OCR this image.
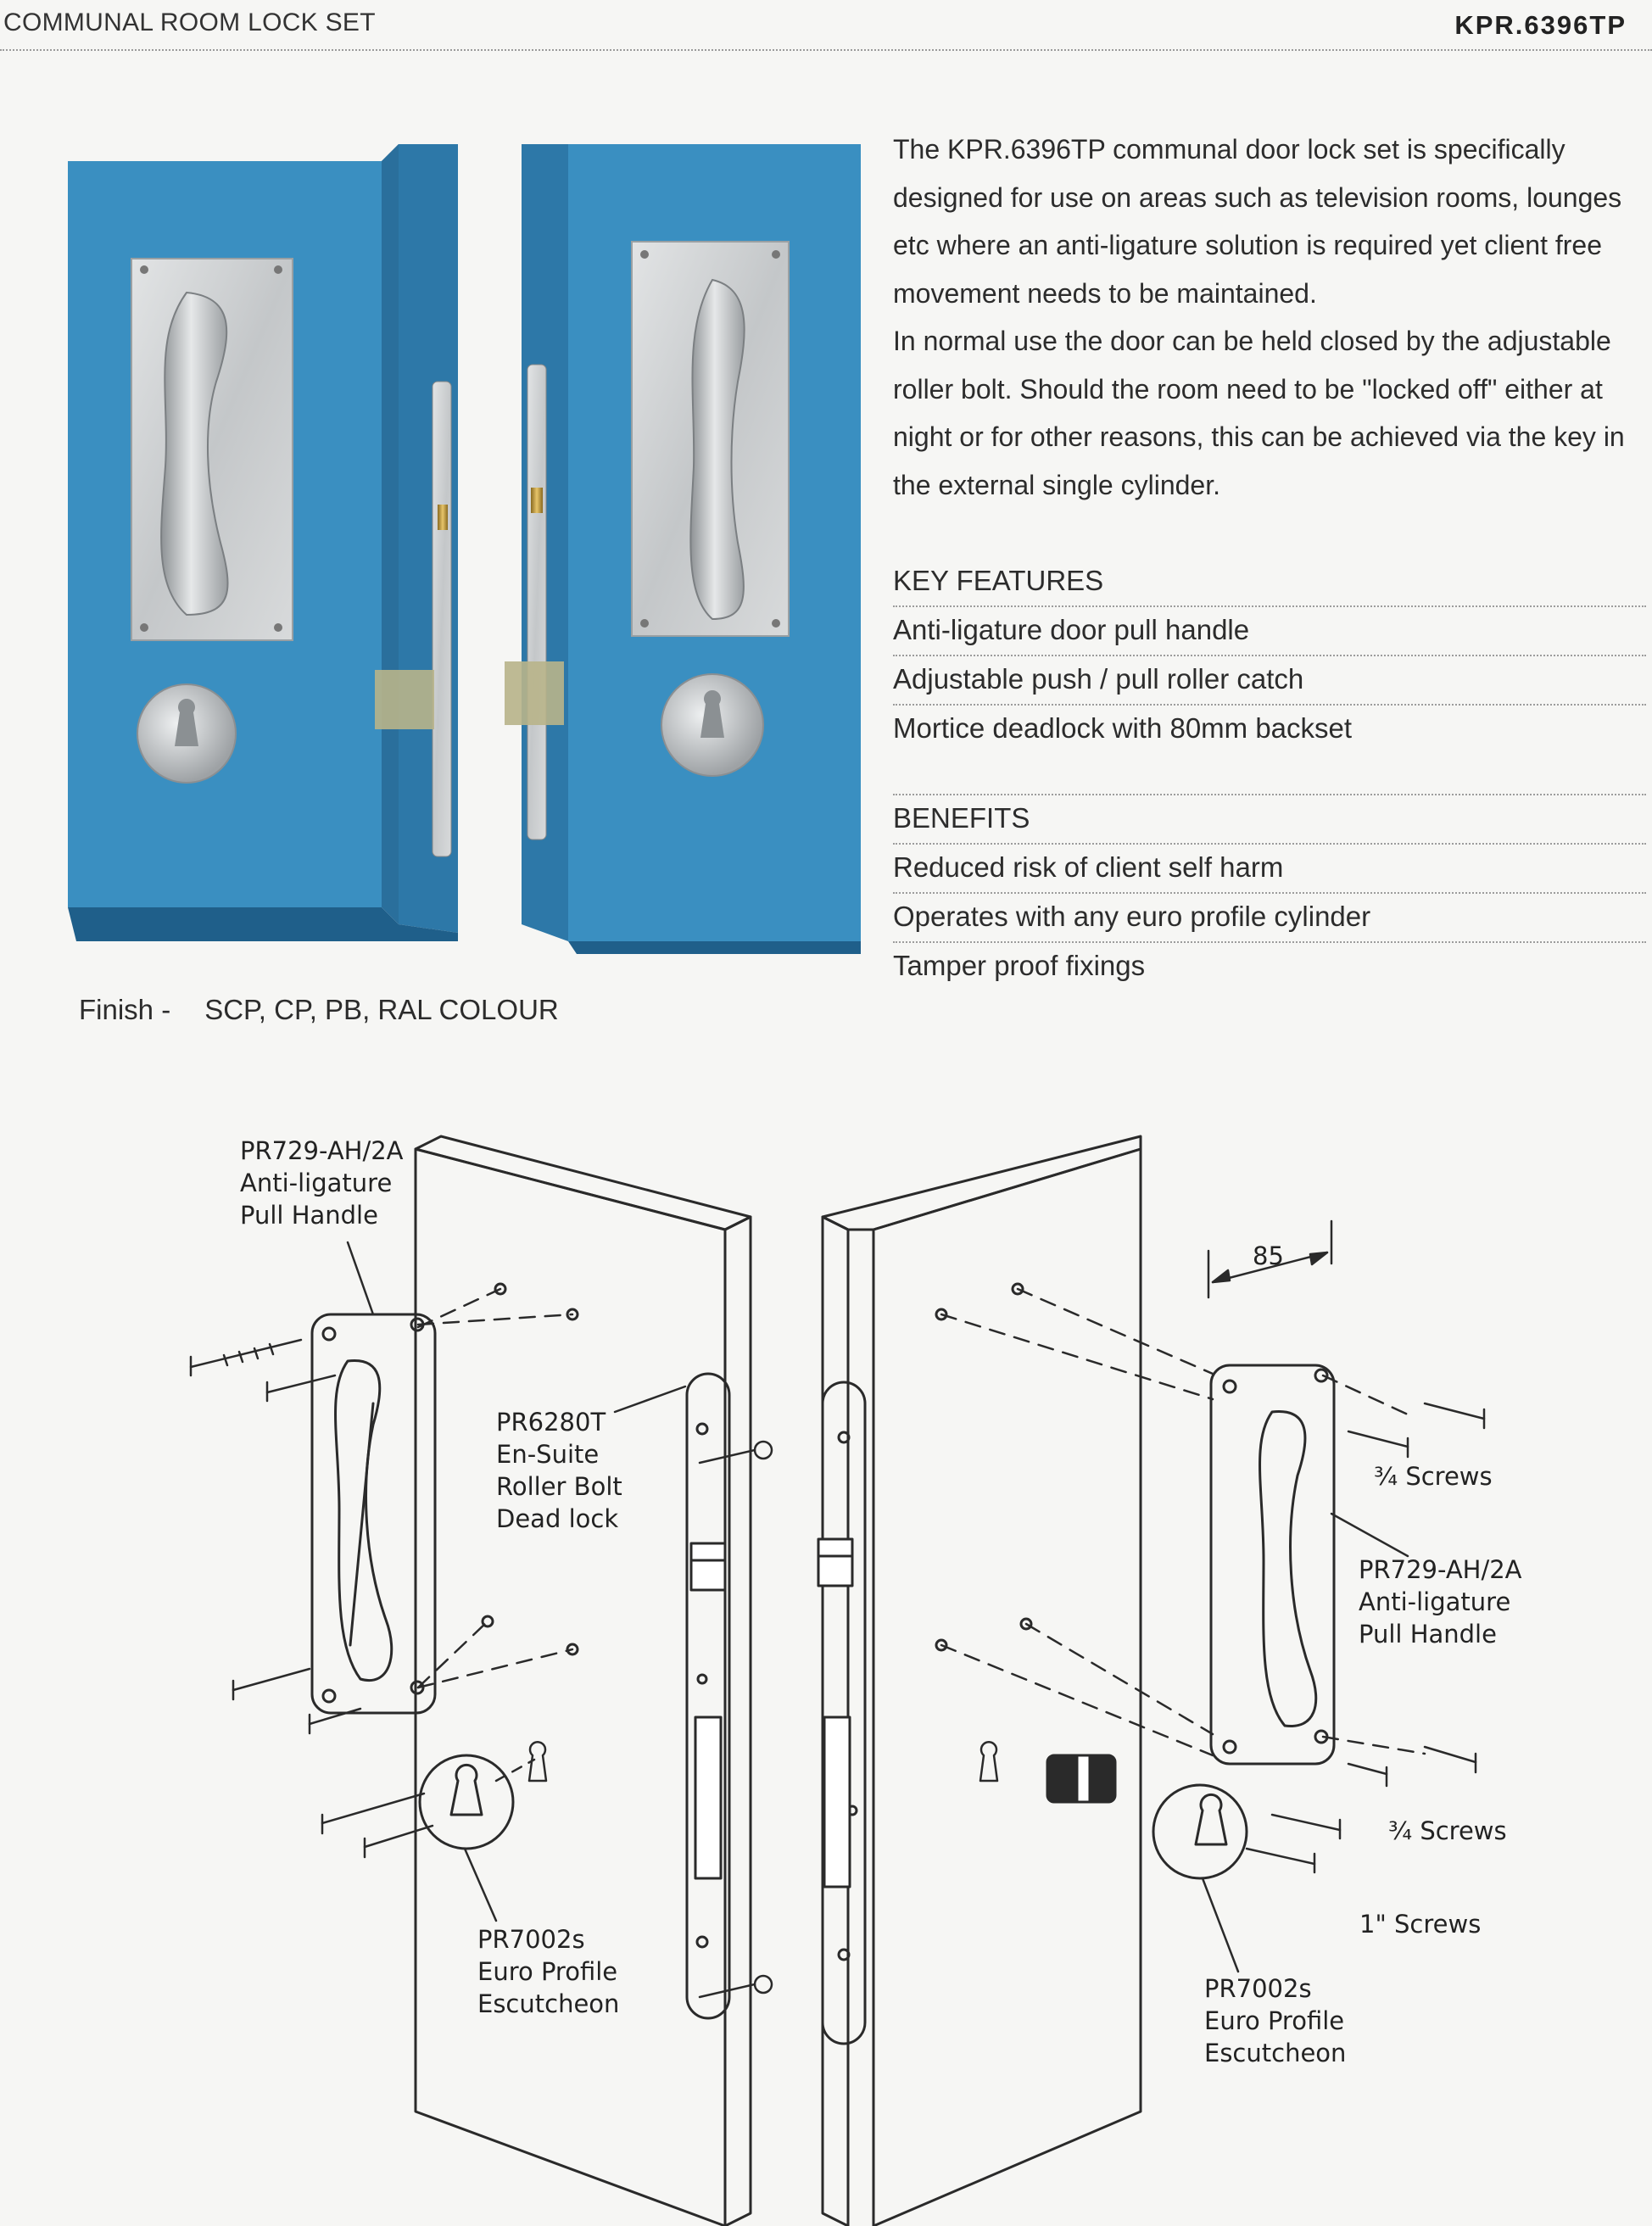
COMMUNAL ROOM LOCK SET	KPR.6396TP

The KPR.6396TP communal door lock set is specifically designed for use on areas such as television rooms, lounges etc where an anti-ligature solution is required yet client free movement needs to be maintained.

In normal use the door can be held closed by the adjustable roller bolt. Should the room need to be "locked off" either at night or for other reasons, this can be achieved via the key in the external single cylinder.

KEY FEATURES
Anti-ligature door pull handle
Adjustable push / pull roller catch
Mortice deadlock with 80mm backset
BENEFITS
Reduced risk of client self harm
Operates with any euro profile cylinder
Tamper proof fixings
Finish - SCP, CP, PB, RAL COLOUR
PR729-AH/2A
Anti-ligature
Pull Handle
PR6280T
En-Suite
Roller Bolt
Dead lock
PR7002s
Euro Profile
Escutcheon
85
¾ Screws
PR729-AH/2A
Anti-ligature
Pull Handle
¾ Screws
1" Screws
PR7002s
Euro Profile
Escutcheon
